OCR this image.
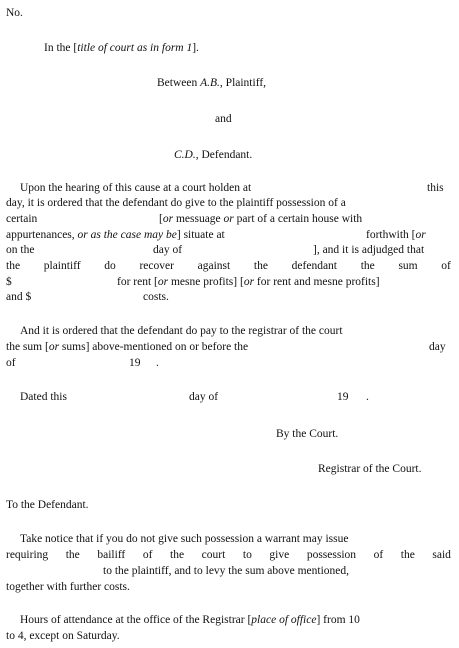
No.
In the [title of court as in form 1].
Between A.B., Plaintiff,
and
C.D., Defendant.
Upon the hearing of this cause at a court holden at	this
day, it is ordered that the defendant do give to the plaintiff possession of a
certain	[or messuage or part of a certain house with
appurtenances, or as the case may be] situate at	forthwith [or
on the	day of	], and it is adjudged that
the plaintiff do recover against the defendant the sum of
$	for rent [or mesne profits] [or for rent and mesne profits]
and $	costs.
And it is ordered that the defendant do pay to the registrar of the court
the sum [or sums] above-mentioned on or before the	day
of	19 .
Dated this	day of	19 .
By the Court.
Registrar of the Court.
To the Defendant.
Take notice that if you do not give such possession a warrant may issue
requiring the bailiff of the court to give possession of the said
to the plaintiff, and to levy the sum above mentioned,
together with further costs.
Hours of attendance at the office of the Registrar [place of office] from 10
to 4, except on Saturday.
